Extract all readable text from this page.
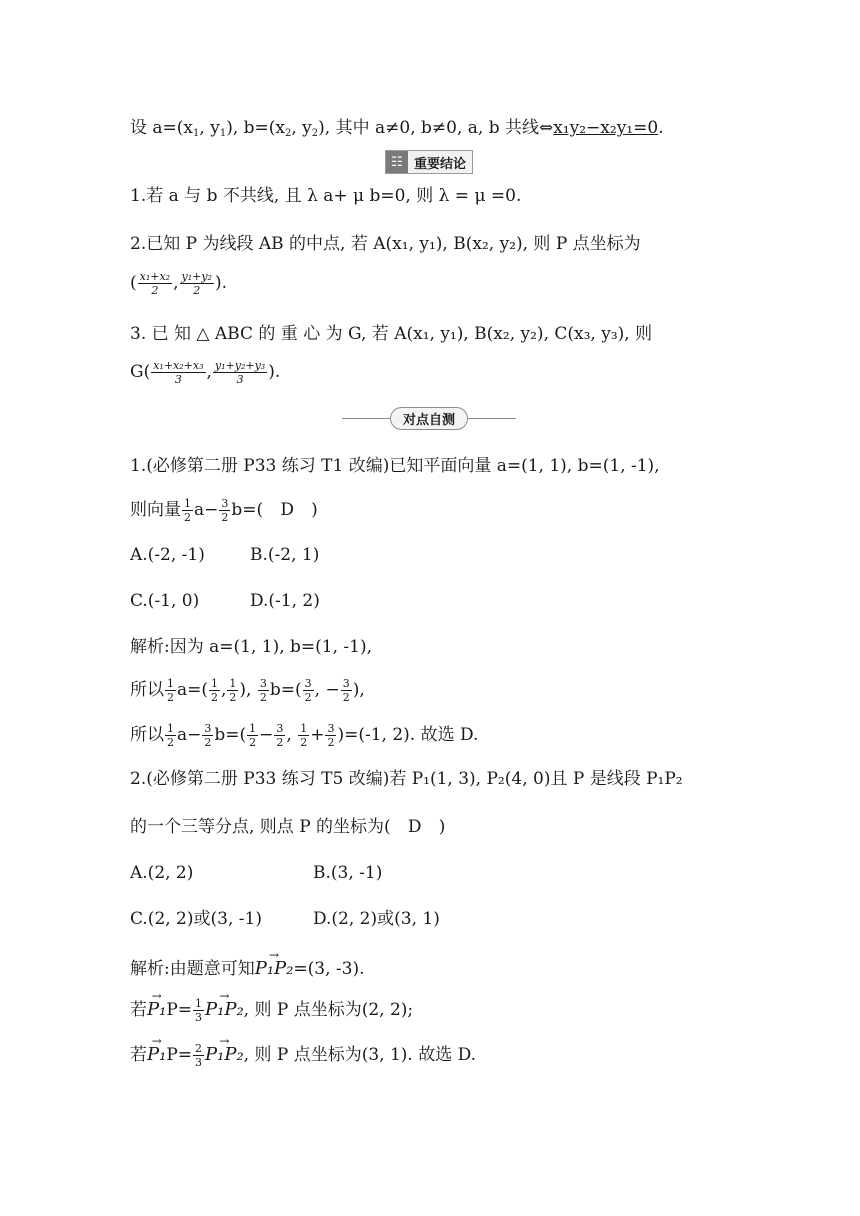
设 $a=(x_1$, $y_1$), $b=(x_2$, $y_2$), 其中 a≠0, b≠0, a, b 共线⇔x₁y₂−x₂y₁=0.
☷ 重要结论
1.若 a 与 b 不共线, 且 λ a+ μ b=0, 则 λ = μ =0.
2.已知 P 为线段 AB 的中点, 若 A(x₁, y₁), B(x₂, y₂), 则 P 点坐标为
( $\frac{\text{x₁+x₂}}{2}$ , $\frac{\text{y₁+y₂}}{2}$ ).
3. 已 知 △ ABC 的 重 心 为 G, 若 A(x₁, y₁), B(x₂, y₂), C(x₃, y₃), 则
$G( \frac{\text{x₁+x₂+x₃}}{3}$ , $\frac{\text{y₁+y₂+y₃}}{3}$ ).
对点自测
1.(必修第二册 P33 练习 T1 改编)已知平面向量 a=(1, 1), b=(1, -1),
则向量 $\frac{1}{2} a- \frac{3}{2} b=$( D )
A.(-2, -1)	B.(-2, 1)
C.(-1, 0)	D.(-1, 2)
解析:因为 a=(1, 1), b=(1, -1),
所以 $\frac{1}{2} a=( \frac{1}{2}$ , $\frac{1}{2}$ ), $\frac{3}{2} b=( \frac{3}{2}$ , − $\frac{3}{2}$ ),
所以 $\frac{1}{2} a- \frac{3}{2} b=( \frac{1}{2} - \frac{3}{2}$ , $\frac{1}{2} + \frac{3}{2} )=(-1$, 2). 故选 D.
2.(必修第二册 P33 练习 T5 改编)若 P₁(1, 3), P₂(4, 0)且 P 是线段 P₁P₂
的一个三等分点, 则点 P 的坐标为( D )
A.(2, 2)	B.(3, -1)
C.(2, 2)或(3, -1)	D.(2, 2)或(3, 1)
解析:由题意可知→ P₁P₂=(3, -3).
若→ $P_1P= \frac{1}{3}$
→ P₁P₂, 则 P 点坐标为(2, 2);
若→ $P_1P= \frac{2}{3}$
→ P₁P₂, 则 P 点坐标为(3, 1). 故选 D.
